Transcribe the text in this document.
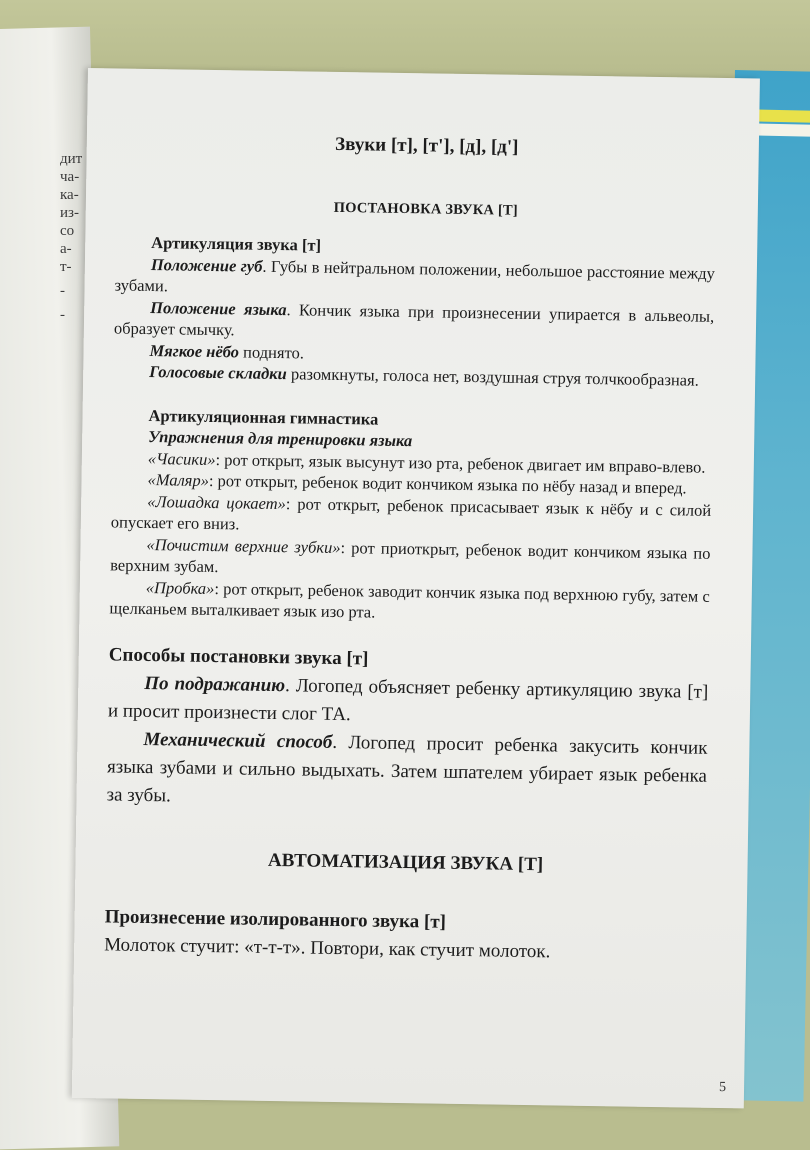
дит
ча-
ка-
из-
со
а-
т-
-
-
Звуки [т], [т'], [д], [д']
ПОСТАНОВКА ЗВУКА [Т]

Артикуляция звука [т]

Положение губ. Губы в нейтральном положении, небольшое расстояние между зубами.

Положение языка. Кончик языка при произнесении упирается в альвеолы, образует смычку.

Мягкое нёбо поднято.

Голосовые складки разомкнуты, голоса нет, воздушная струя толчкообразная.

Артикуляционная гимнастика

Упражнения для тренировки языка

«Часики»: рот открыт, язык высунут изо рта, ребенок двигает им вправо-влево.

«Маляр»: рот открыт, ребенок водит кончиком языка по нёбу назад и вперед.

«Лошадка цокает»: рот открыт, ребенок присасывает язык к нёбу и с силой опускает его вниз.

«Почистим верхние зубки»: рот приоткрыт, ребенок водит кончиком языка по верхним зубам.

«Пробка»: рот открыт, ребенок заводит кончик языка под верхнюю губу, затем с щелканьем выталкивает язык изо рта.

Способы постановки звука [т]

По подражанию. Логопед объясняет ребенку артикуляцию звука [т] и просит произнести слог ТА.

Механический способ. Логопед просит ребенка закусить кончик языка зубами и сильно выдыхать. Затем шпателем убирает язык ребенка за зубы.

АВТОМАТИЗАЦИЯ ЗВУКА [Т]

Произнесение изолированного звука [т]

Молоток стучит: «т-т-т». Повтори, как стучит молоток.

5
